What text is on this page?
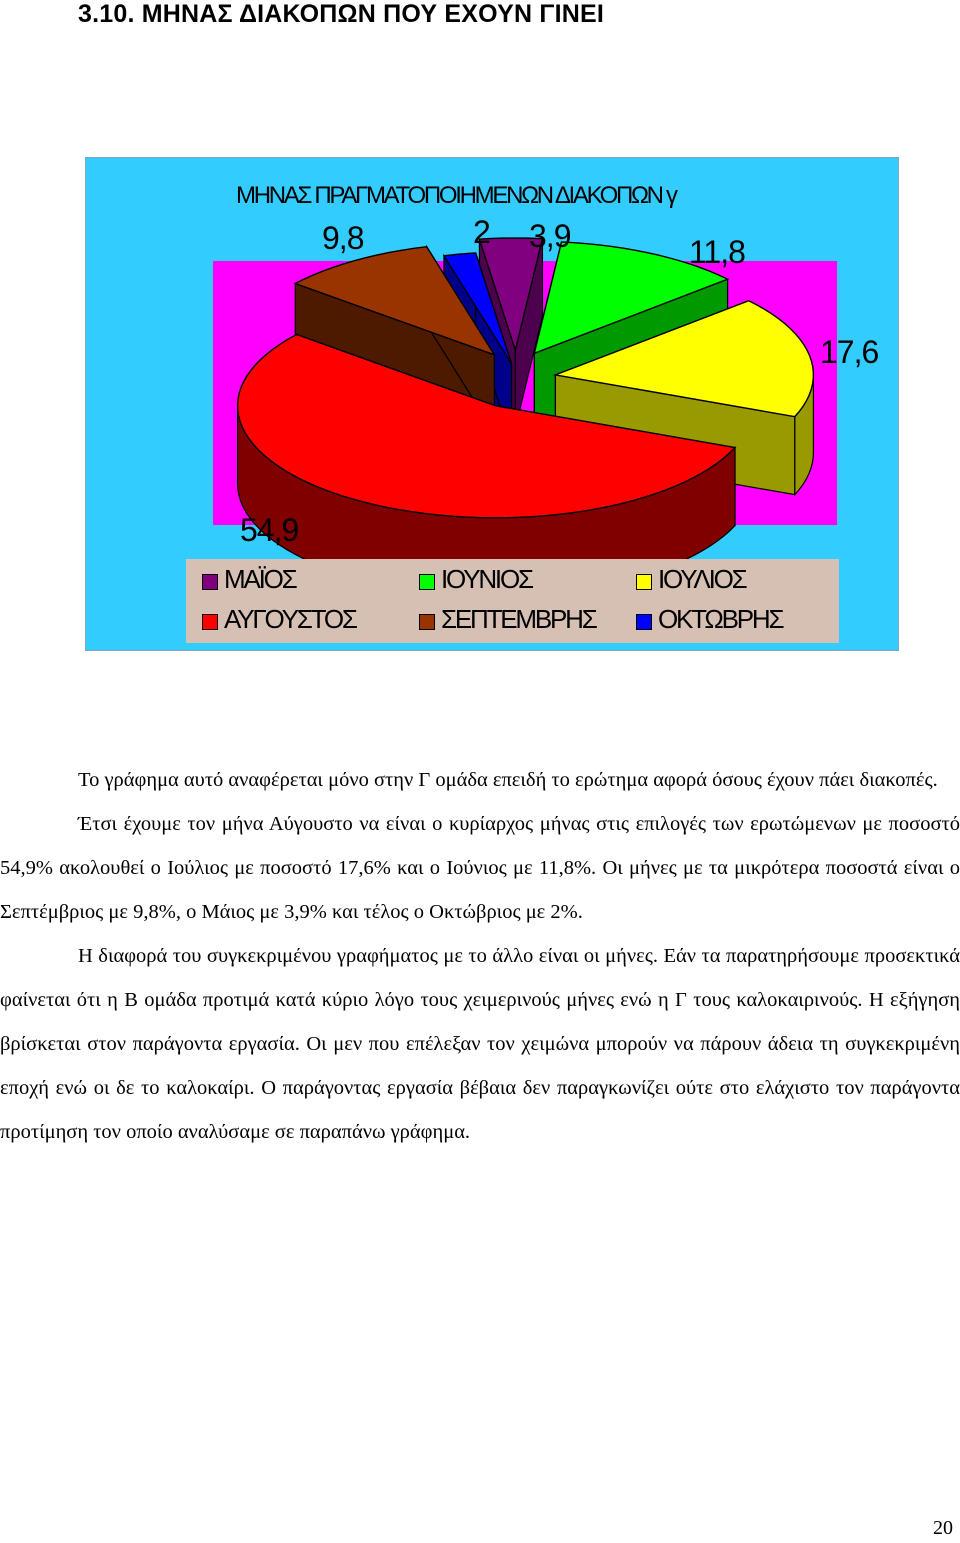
3.10. ΜΗΝΑΣ ΔΙΑΚΟΠΩΝ ΠΟΥ ΕΧΟΥΝ ΓΙΝΕΙ
ΜΗΝΑΣ ΠΡΑΓΜΑΤΟΠΟΙΗΜΕΝΩΝ ΔΙΑΚΟΠΩΝ γ
3,9	11,8
17,6
54,9
9,8	2
ΜΑΪΟΣ	ΙΟΥΝΙΟΣ	ΙΟΥΛΙΟΣ
ΑΥΓΟΥΣΤΟΣ	ΣΕΠΤΕΜΒΡΗΣ ΟΚΤΩΒΡΗΣ

Το γράφημα αυτό αναφέρεται μόνο στην Γ ομάδα επειδή το ερώτημα αφορά όσους έχουν πάει διακοπές.

Έτσι έχουμε τον μήνα Αύγουστο να είναι ο κυρίαρχος μήνας στις επιλογές των ερωτώμενων με ποσοστό 54,9% ακολουθεί ο Ιούλιος με ποσοστό 17,6% και ο Ιούνιος με 11,8%. Οι μήνες με τα μικρότερα ποσοστά είναι ο Σεπτέμβριος με 9,8%, ο Μάιος με 3,9% και τέλος ο Οκτώβριος με 2%.

Η διαφορά του συγκεκριμένου γραφήματος με το άλλο είναι οι μήνες. Εάν τα παρατηρήσουμε προσεκτικά φαίνεται ότι η Β ομάδα προτιμά κατά κύριο λόγο τους χειμερινούς μήνες ενώ η Γ τους καλοκαιρινούς. Η εξήγηση βρίσκεται στον παράγοντα εργασία. Οι μεν που επέλεξαν τον χειμώνα μπορούν να πάρουν άδεια τη συγκεκριμένη εποχή ενώ οι δε το καλοκαίρι. Ο παράγοντας εργασία βέβαια δεν παραγκωνίζει ούτε στο ελάχιστο τον παράγοντα προτίμηση τον οποίο αναλύσαμε σε παραπάνω γράφημα.

20
